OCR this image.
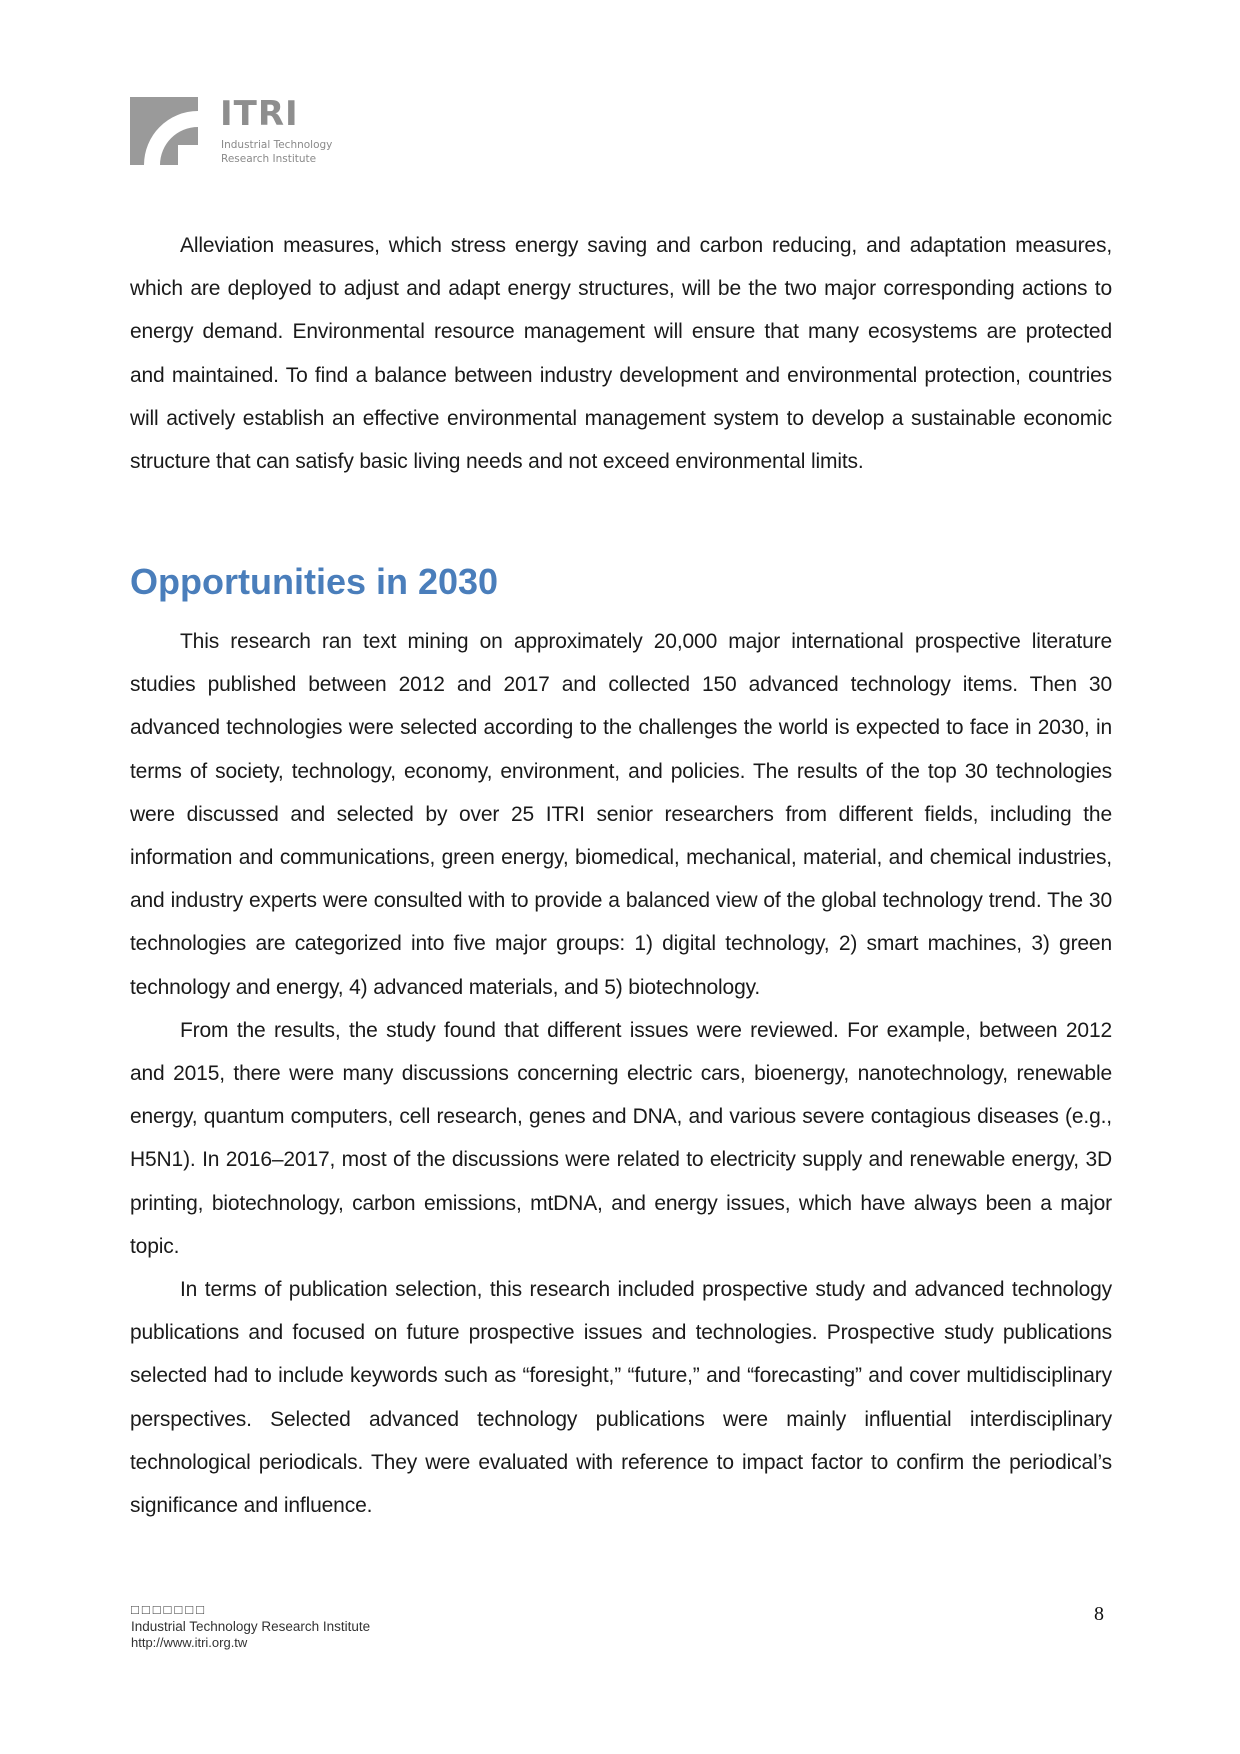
ITRI
Industrial Technology
Research Institute

Alleviation measures, which stress energy saving and carbon reducing, and adaptation measures, which are deployed to adjust and adapt energy structures, will be the two major corresponding actions to energy demand. Environmental resource management will ensure that many ecosystems are protected and maintained. To find a balance between industry development and environmental protection, countries will actively establish an effective environmental management system to develop a sustainable economic structure that can satisfy basic living needs and not exceed environmental limits.

Opportunities in 2030

This research ran text mining on approximately 20,000 major international prospective literature studies published between 2012 and 2017 and collected 150 advanced technology items. Then 30 advanced technologies were selected according to the challenges the world is expected to face in 2030, in terms of society, technology, economy, environment, and policies. The results of the top 30 technologies were discussed and selected by over 25 ITRI senior researchers from different fields, including the information and communications, green energy, biomedical, mechanical, material, and chemical industries, and industry experts were consulted with to provide a balanced view of the global technology trend. The 30 technologies are categorized into five major groups: 1) digital technology, 2) smart machines, 3) green technology and energy, 4) advanced materials, and 5) biotechnology.

From the results, the study found that different issues were reviewed. For example, between 2012 and 2015, there were many discussions concerning electric cars, bioenergy, nanotechnology, renewable energy, quantum computers, cell research, genes and DNA, and various severe contagious diseases (e.g., H5N1). In 2016–2017, most of the discussions were related to electricity supply and renewable energy, 3D printing, biotechnology, carbon emissions, mtDNA, and energy issues, which have always been a major topic.

In terms of publication selection, this research included prospective study and advanced technology publications and focused on future prospective issues and technologies. Prospective study publications selected had to include keywords such as “foresight,” “future,” and “forecasting” and cover multidisciplinary perspectives. Selected advanced technology publications were mainly influential interdisciplinary technological periodicals. They were evaluated with reference to impact factor to confirm the periodical’s significance and influence.

□□□□□□□
Industrial Technology Research Institute
http://www.itri.org.tw
8
